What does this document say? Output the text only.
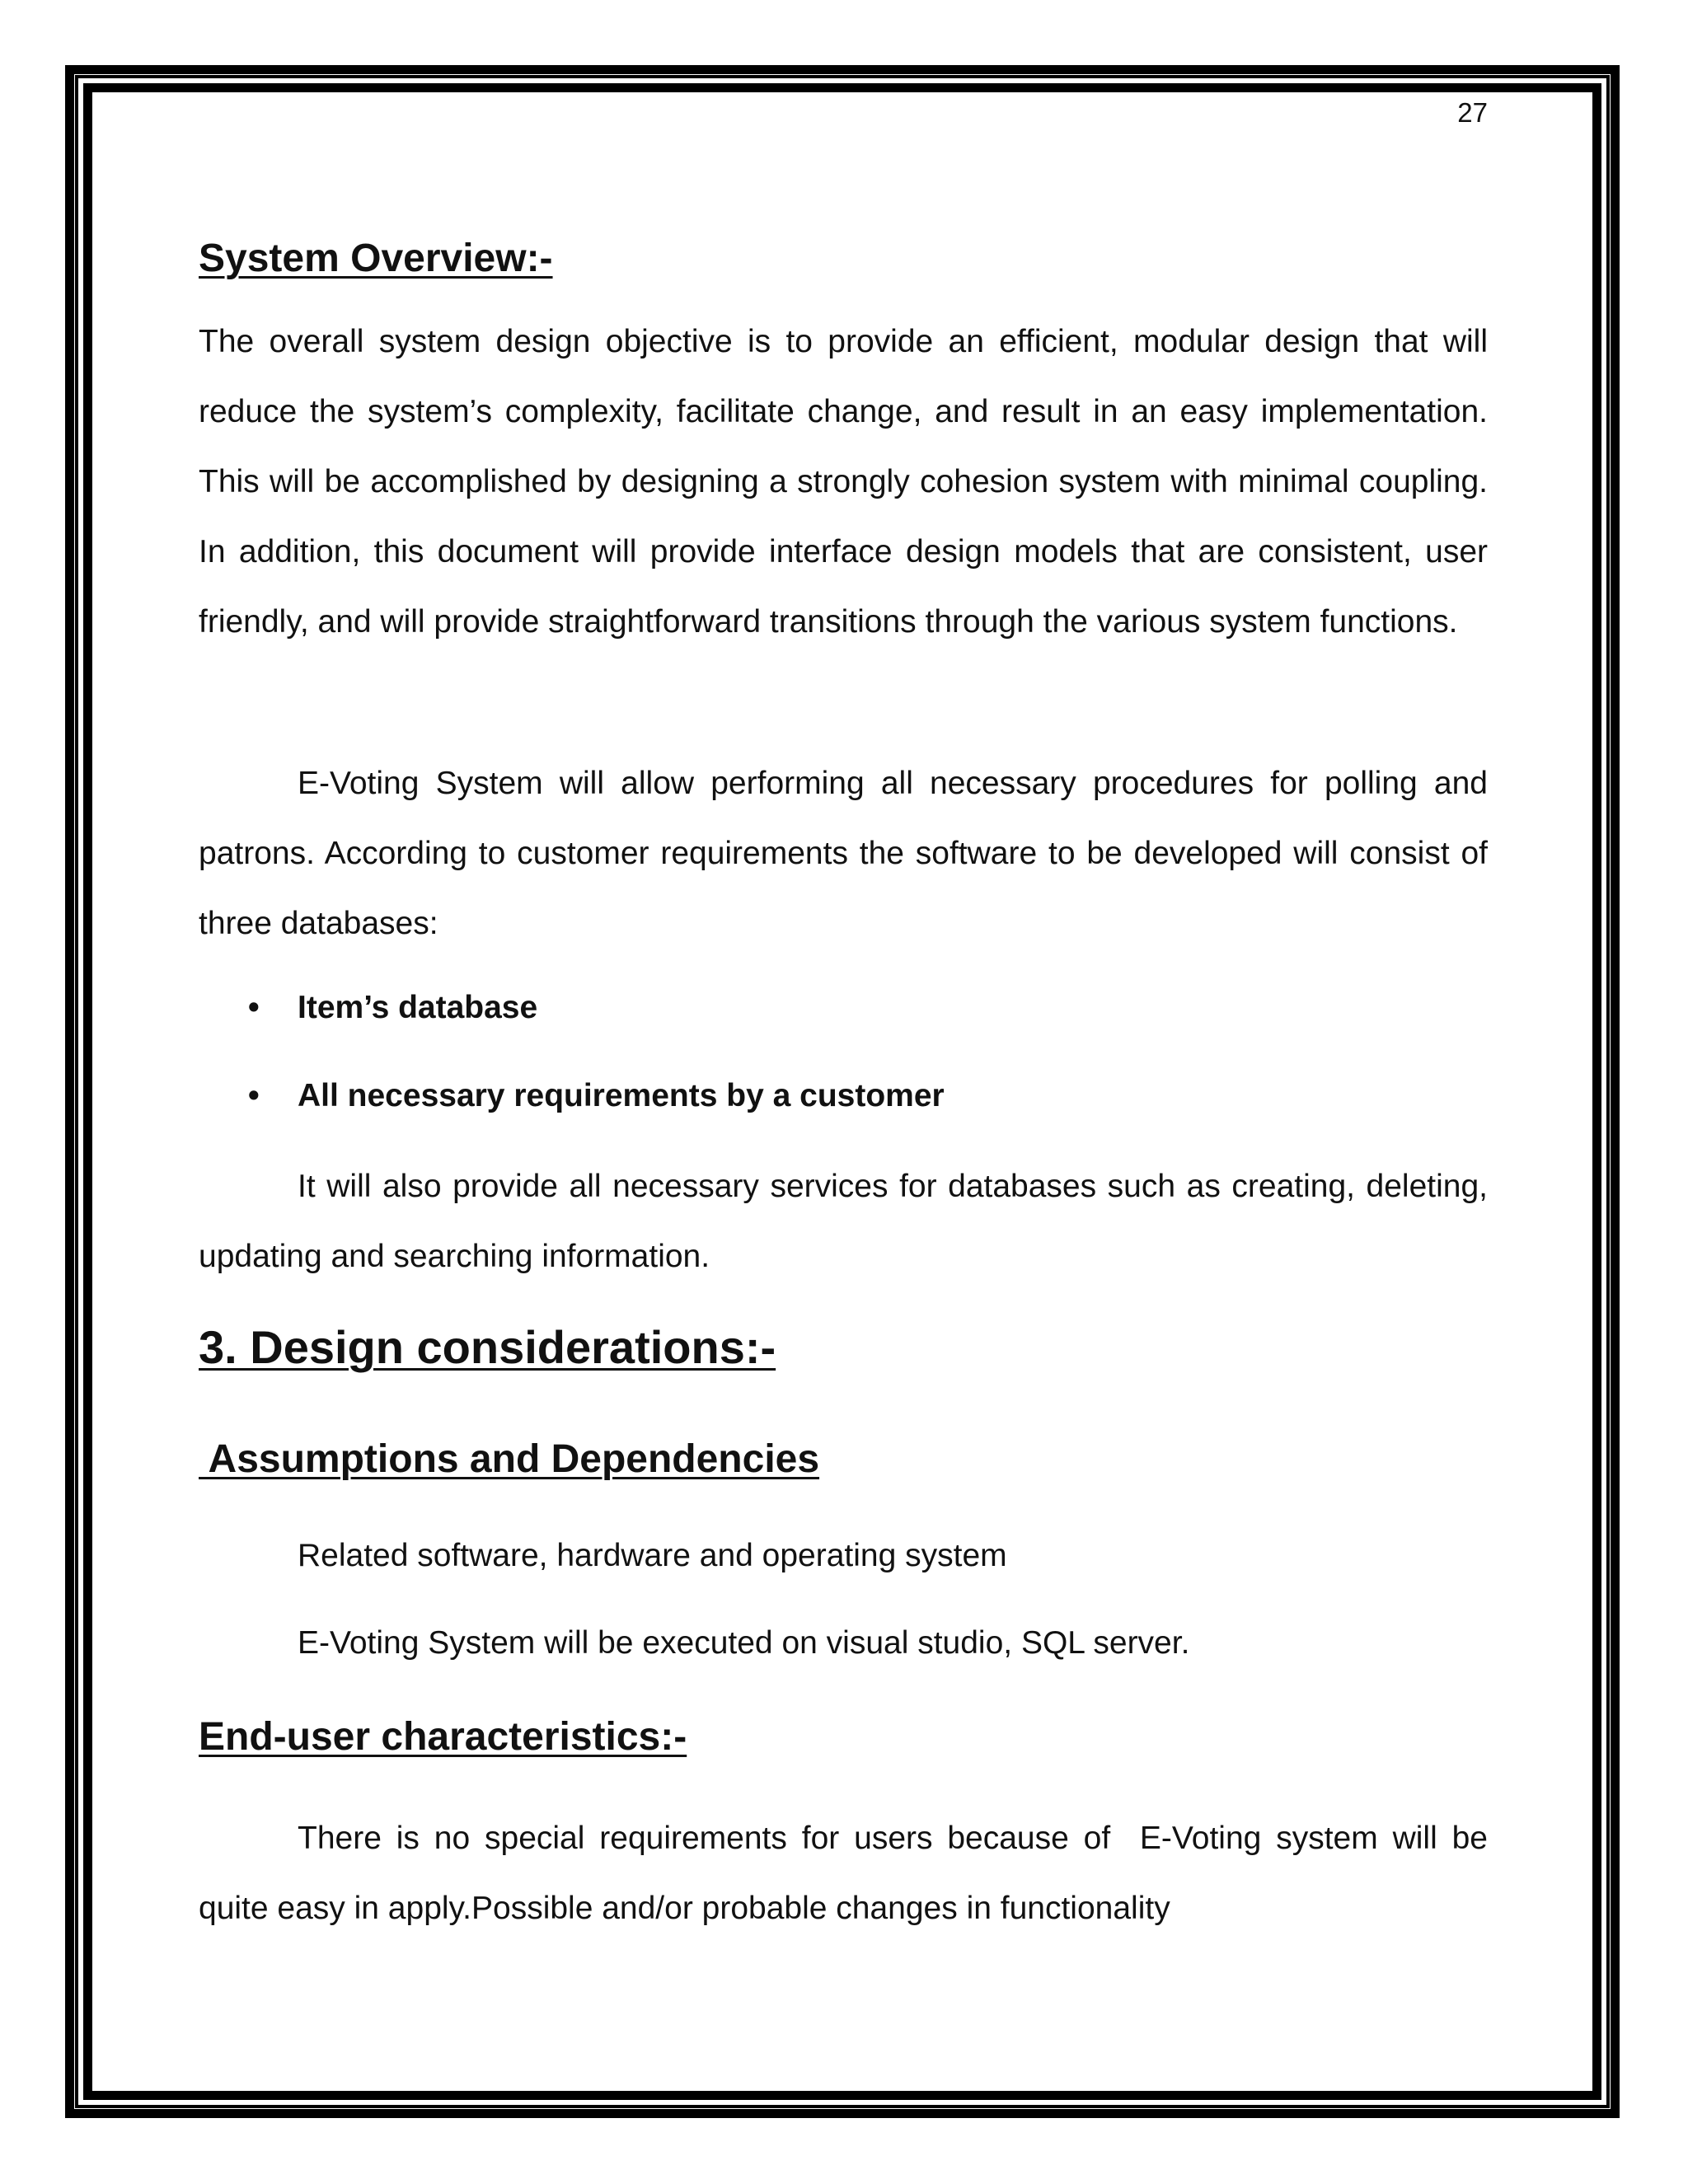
27
System Overview:-
The overall system design objective is to provide an efficient, modular design that will reduce the system’s complexity, facilitate change, and result in an easy implementation. This will be accomplished by designing a strongly cohesion system with minimal coupling. In addition, this document will provide interface design models that are consistent, user friendly, and will provide straightforward transitions through the various system functions.
E-Voting System will allow performing all necessary procedures for polling and patrons. According to customer requirements the software to be developed will consist of three databases:
• Item’s database
• All necessary requirements by a customer
It will also provide all necessary services for databases such as creating, deleting, updating and searching information.
3. Design considerations:-
Assumptions and Dependencies
Related software, hardware and operating system
E-Voting System will be executed on visual studio, SQL server.
End-user characteristics:-
There is no special requirements for users because of  E-Voting system will be quite easy in apply.Possible and/or probable changes in functionality
